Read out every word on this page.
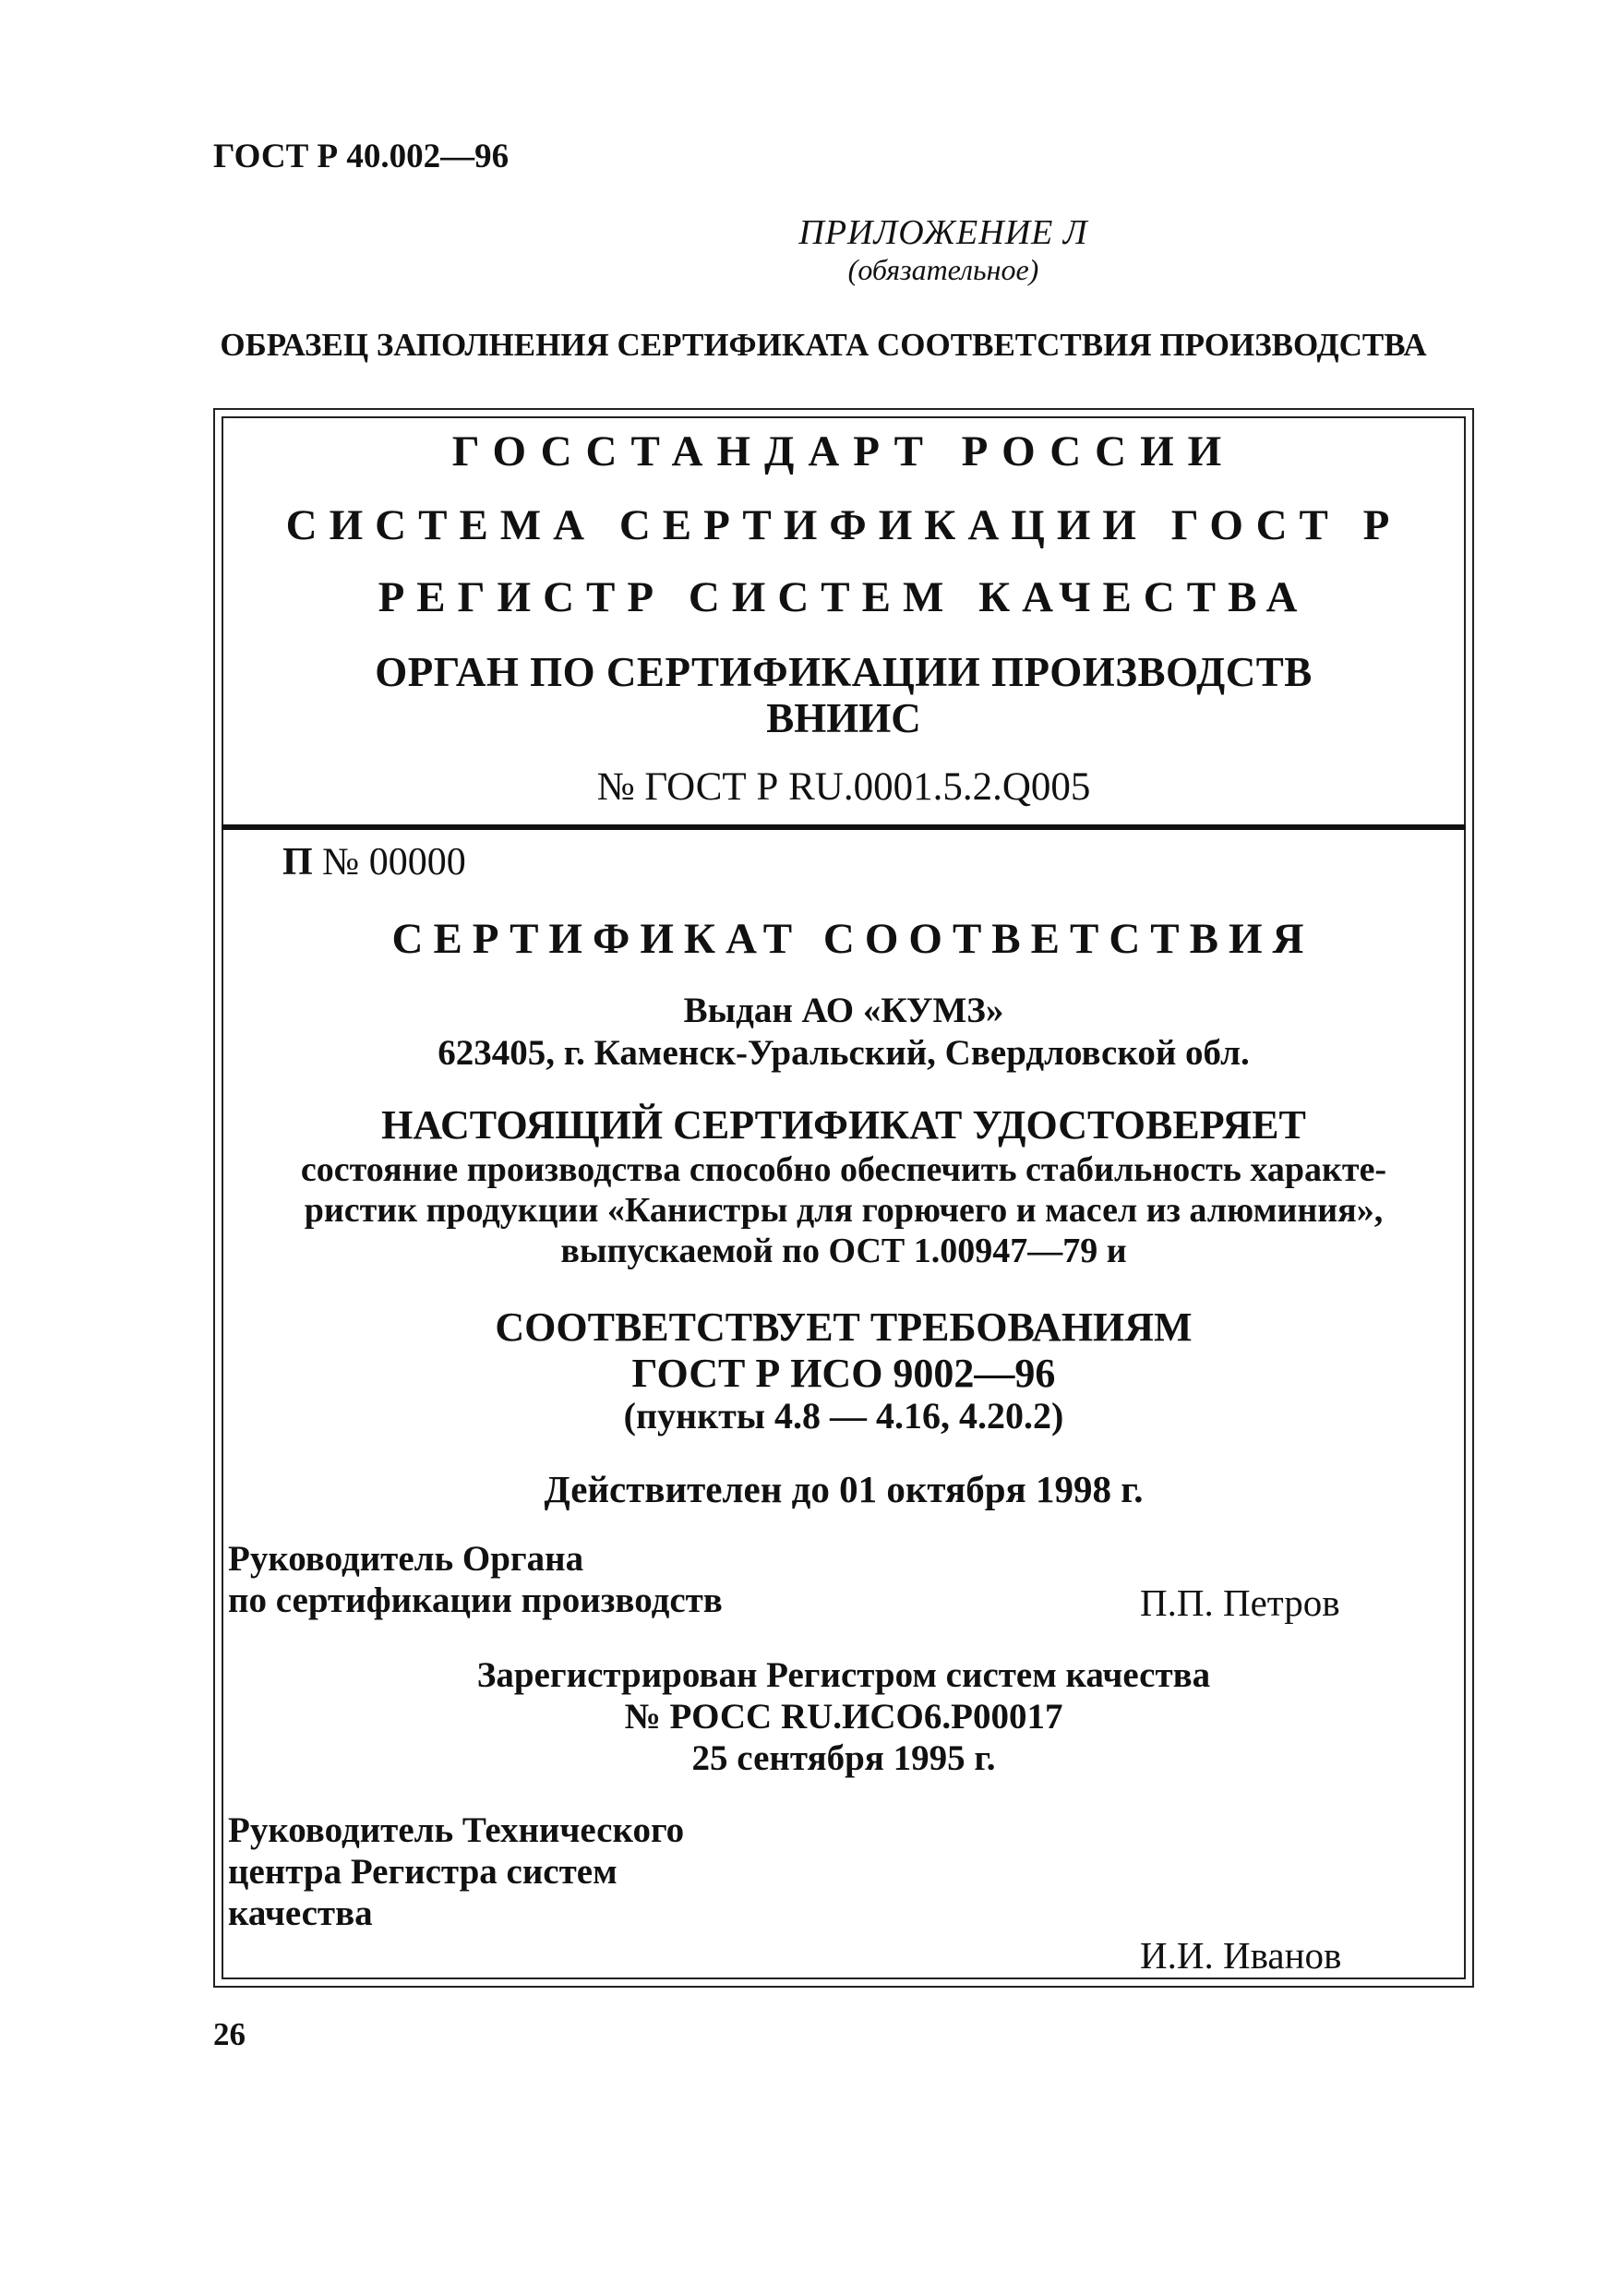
ГОСТ Р 40.002—96
ПРИЛОЖЕНИЕ Л
(обязательное)
ОБРАЗЕЦ ЗАПОЛНЕНИЯ СЕРТИФИКАТА СООТВЕТСТВИЯ ПРОИЗВОДСТВА
ГОССТАНДАРТ РОССИИ
СИСТЕМА СЕРТИФИКАЦИИ ГОСТ Р
РЕГИСТР СИСТЕМ КАЧЕСТВА
ОРГАН ПО СЕРТИФИКАЦИИ ПРОИЗВОДСТВ
ВНИИС
№ ГОСТ Р RU.0001.5.2.Q005
П № 00000
СЕРТИФИКАТ СООТВЕТСТВИЯ
Выдан АО «КУМЗ»
623405, г. Каменск-Уральский, Свердловской обл.
НАСТОЯЩИЙ СЕРТИФИКАТ УДОСТОВЕРЯЕТ
состояние производства способно обеспечить стабильность характе-
ристик продукции «Канистры для горючего и масел из алюминия»,
выпускаемой по ОСТ 1.00947—79 и
СООТВЕТСТВУЕТ ТРЕБОВАНИЯМ
ГОСТ Р ИСО 9002—96
(пункты 4.8 — 4.16, 4.20.2)
Действителен до 01 октября 1998 г.
Руководитель Органа
по сертификации производств	П.П. Петров
Зарегистрирован Регистром систем качества
№ РОСС RU.ИСО6.Р00017
25 сентября 1995 г.
Руководитель Технического
центра Регистра систем
качества
И.И. Иванов
26
